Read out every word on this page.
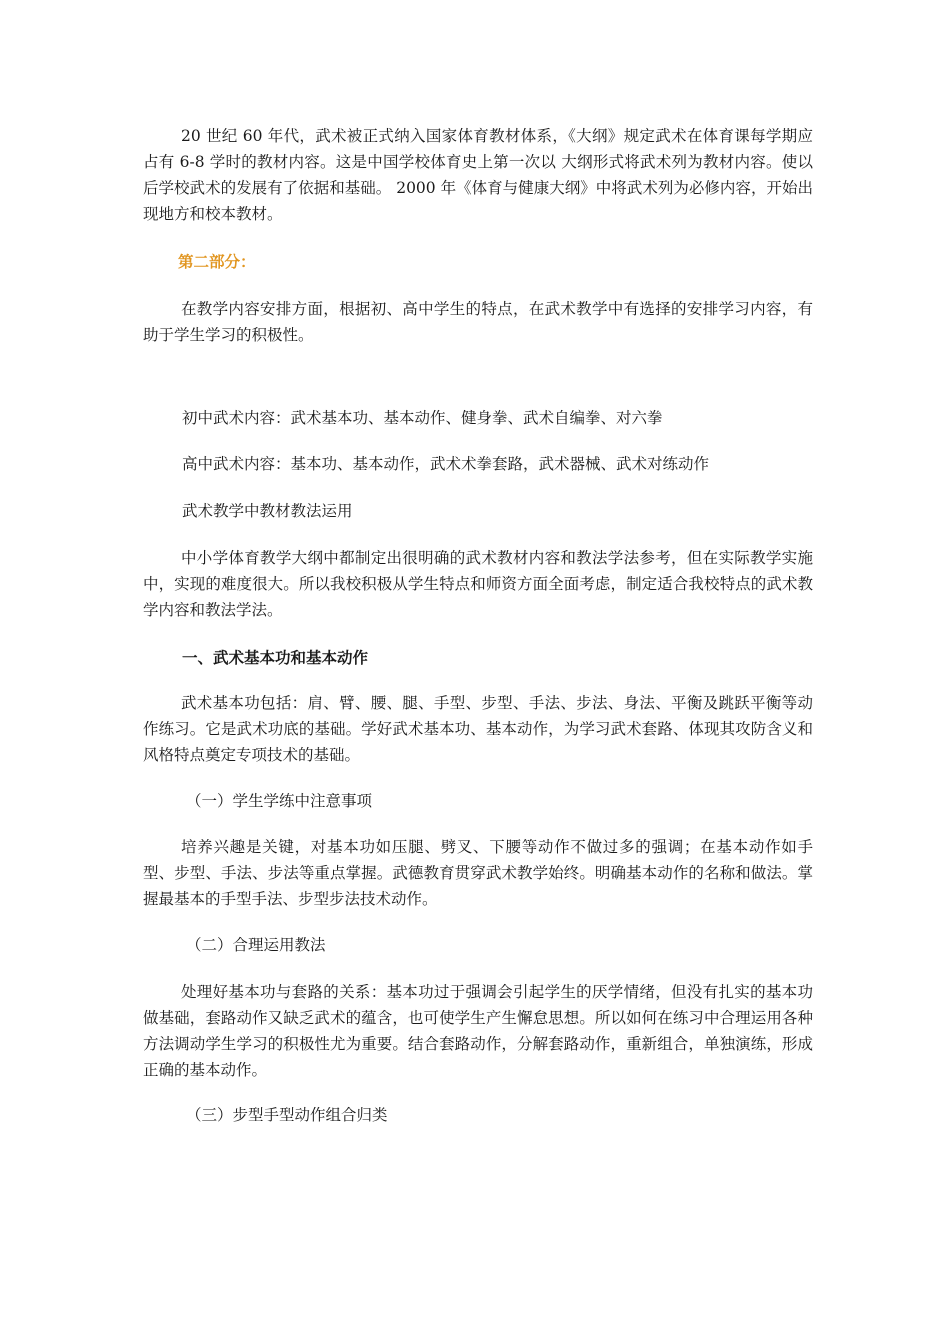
20 世纪 60 年代，武术被正式纳入国家体育教材体系，《大纲》规定武术在体育课每学期应占有 6-8 学时的教材内容。这是中国学校体育史上第一次以 大纲形式将武术列为教材内容。使以后学校武术的发展有了依据和基础。 2000 年《体育与健康大纲》中将武术列为必修内容，开始出现地方和校本教材。

第二部分：

在教学内容安排方面，根据初、高中学生的特点，在武术教学中有选择的安排学习内容，有助于学生学习的积极性。

初中武术内容：武术基本功、基本动作、健身拳、武术自编拳、对六拳

高中武术内容：基本功、基本动作，武术术拳套路，武术器械、武术对练动作

武术教学中教材教法运用

中小学体育教学大纲中都制定出很明确的武术教材内容和教法学法参考，但在实际教学实施中，实现的难度很大。所以我校积极从学生特点和师资方面全面考虑，制定适合我校特点的武术教学内容和教法学法。

一、武术基本功和基本动作

武术基本功包括：肩、臂、腰、腿、手型、步型、手法、步法、身法、平衡及跳跃平衡等动作练习。它是武术功底的基础。学好武术基本功、基本动作，为学习武术套路、体现其攻防含义和风格特点奠定专项技术的基础。

（一）学生学练中注意事项

培养兴趣是关键，对基本功如压腿、劈叉、下腰等动作不做过多的强调；在基本动作如手型、步型、手法、步法等重点掌握。武德教育贯穿武术教学始终。明确基本动作的名称和做法。掌握最基本的手型手法、步型步法技术动作。

（二）合理运用教法

处理好基本功与套路的关系：基本功过于强调会引起学生的厌学情绪，但没有扎实的基本功做基础，套路动作又缺乏武术的蕴含，也可使学生产生懈怠思想。所以如何在练习中合理运用各种方法调动学生学习的积极性尤为重要。结合套路动作，分解套路动作，重新组合，单独演练，形成正确的基本动作。

（三）步型手型动作组合归类
